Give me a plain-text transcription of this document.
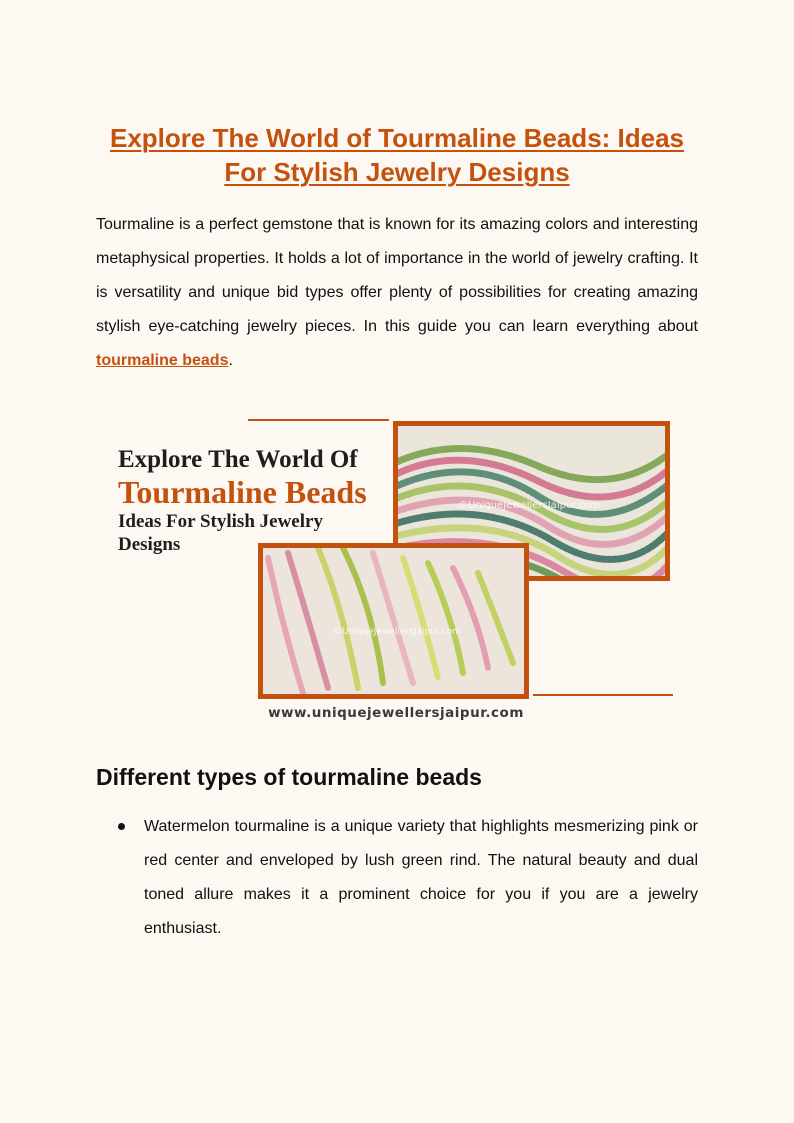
Explore The World of Tourmaline Beads: Ideas For Stylish Jewelry Designs

Tourmaline is a perfect gemstone that is known for its amazing colors and interesting metaphysical properties. It holds a lot of importance in the world of jewelry crafting. It is versatility and unique bid types offer plenty of possibilities for creating amazing stylish eye-catching jewelry pieces. In this guide you can learn everything about tourmaline beads.

Explore The World Of
Tourmaline Beads
Ideas For Stylish Jewelry Designs
©UniqueJewellersJaipur.com
©UniqueJewellersJaipur.com
www.uniquejewellersjaipur.com
Different types of tourmaline beads
Watermelon tourmaline is a unique variety that highlights mesmerizing pink or red center and enveloped by lush green rind. The natural beauty and dual toned allure makes it a prominent choice for you if you are a jewelry enthusiast.
